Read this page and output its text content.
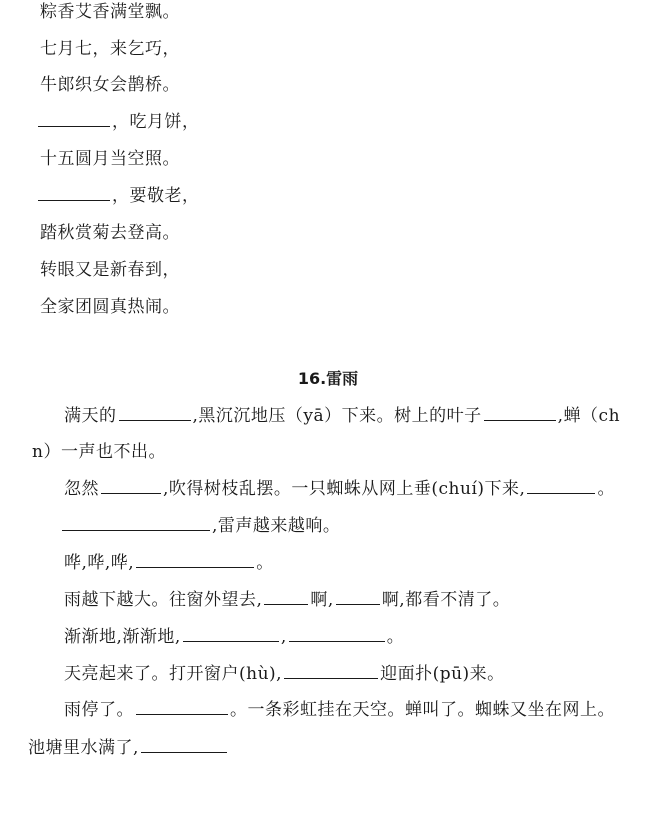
粽香艾香满堂飘。

七月七，来乞巧，

牛郎织女会鹊桥。

，吃月饼，

十五圆月当空照。

，要敬老，

踏秋赏菊去登高。

转眼又是新春到，

全家团圆真热闹。

16.雷雨

满天的	,黑沉沉地压（yā）下来。树上的叶子	,蝉（ch

n）一声也不出。

忽然	,吹得树枝乱摆。一只蜘蛛从网上垂(chuí)下来,	。

,雷声越来越响。

哗,哗,哗,	。

雨越下越大。往窗外望去,	啊,	啊,都看不清了。

渐渐地,渐渐地,	,	。

天亮起来了。打开窗户(hù),	迎面扑(pū)来。

雨停了。	。一条彩虹挂在天空。蝉叫了。蜘蛛又坐在网上。

池塘里水满了,
